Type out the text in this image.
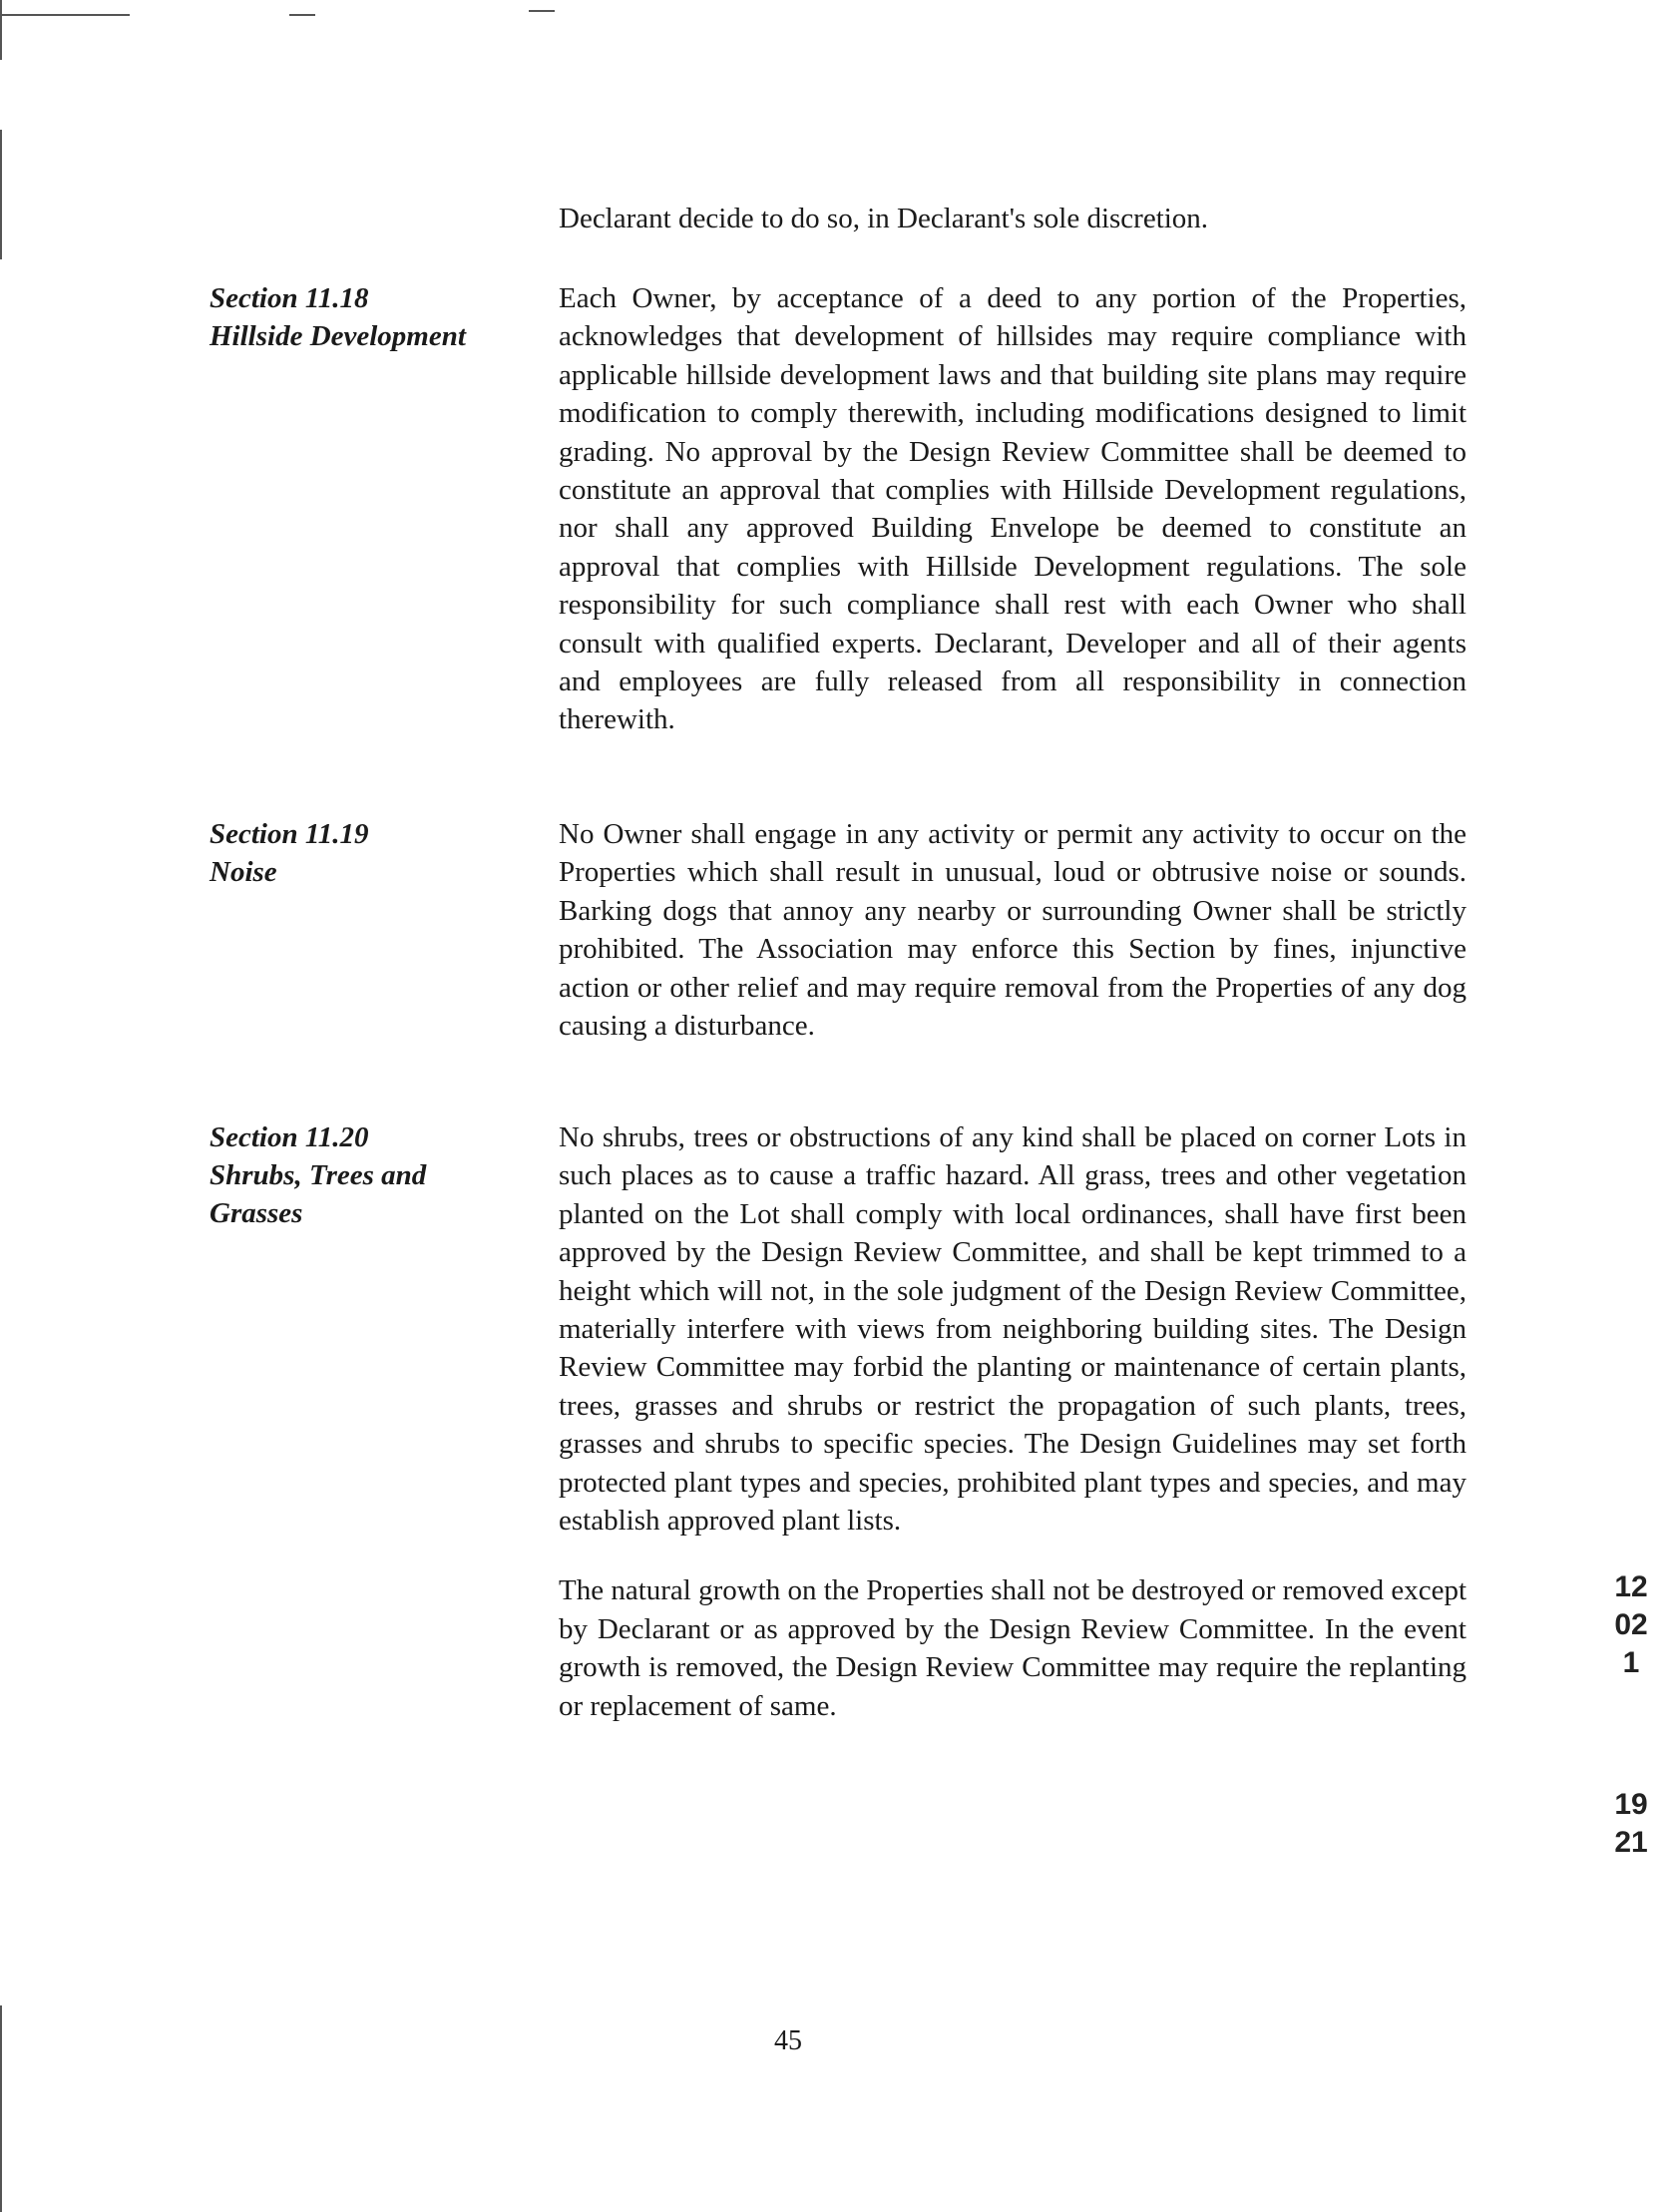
Declarant decide to do so, in Declarant's sole discretion.
Section 11.18
Hillside Development

Each Owner, by acceptance of a deed to any portion of the Properties, acknowledges that development of hillsides may require compliance with applicable hillside development laws and that building site plans may require modification to comply therewith, including modifications designed to limit grading. No approval by the Design Review Committee shall be deemed to constitute an approval that complies with Hillside Development regulations, nor shall any approved Building Envelope be deemed to constitute an approval that complies with Hillside Development regulations. The sole responsibility for such compliance shall rest with each Owner who shall consult with qualified experts. Declarant, Developer and all of their agents and employees are fully released from all responsibility in connection therewith.

Section 11.19
Noise

No Owner shall engage in any activity or permit any activity to occur on the Properties which shall result in unusual, loud or obtrusive noise or sounds. Barking dogs that annoy any nearby or surrounding Owner shall be strictly prohibited. The Association may enforce this Section by fines, injunctive action or other relief and may require removal from the Properties of any dog causing a disturbance.

Section 11.20
Shrubs, Trees and
Grasses

No shrubs, trees or obstructions of any kind shall be placed on corner Lots in such places as to cause a traffic hazard. All grass, trees and other vegetation planted on the Lot shall comply with local ordinances, shall have first been approved by the Design Review Committee, and shall be kept trimmed to a height which will not, in the sole judgment of the Design Review Committee, materially interfere with views from neighboring building sites. The Design Review Committee may forbid the planting or maintenance of certain plants, trees, grasses and shrubs or restrict the propagation of such plants, trees, grasses and shrubs to specific species. The Design Guidelines may set forth protected plant types and species, prohibited plant types and species, and may establish approved plant lists.

The natural growth on the Properties shall not be destroyed or removed except by Declarant or as approved by the Design Review Committee. In the event growth is removed, the Design Review Committee may require the replanting or replacement of same.

45
12021
1921
